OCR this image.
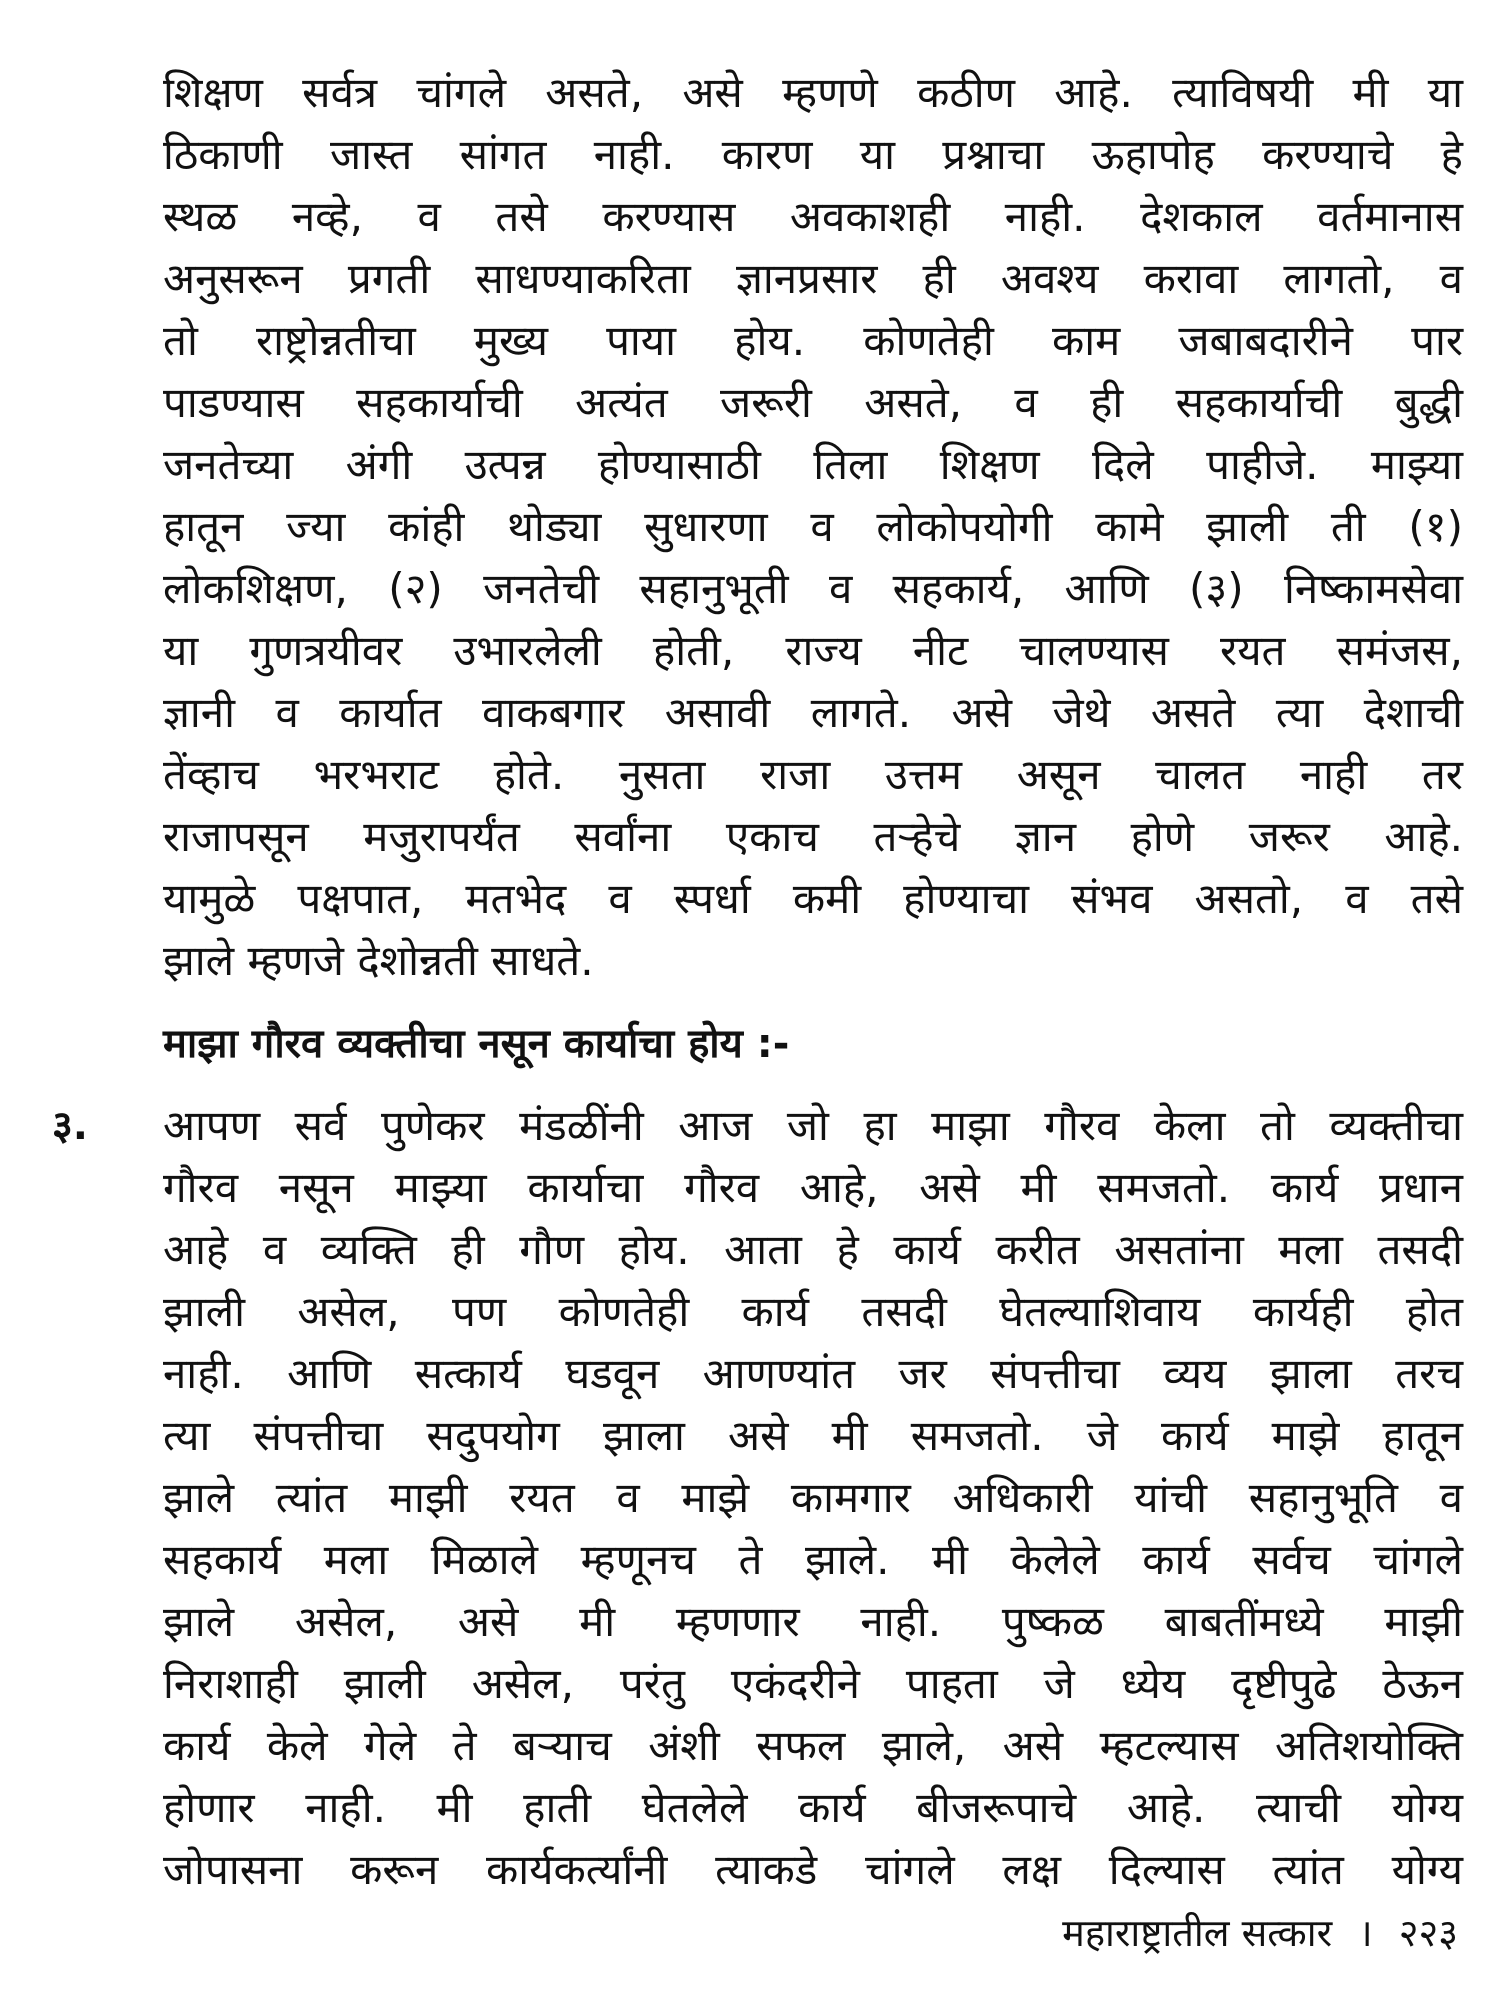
शिक्षण सर्वत्र चांगले असते, असे म्हणणे कठीण आहे. त्याविषयी मी या
ठिकाणी जास्त सांगत नाही. कारण या प्रश्नाचा ऊहापोह करण्याचे हे
स्थळ नव्हे, व तसे करण्यास अवकाशही नाही. देशकाल वर्तमानास
अनुसरून प्रगती साधण्याकरिता ज्ञानप्रसार ही अवश्य करावा लागतो, व
तो राष्ट्रोन्नतीचा मुख्य पाया होय. कोणतेही काम जबाबदारीने पार
पाडण्यास सहकार्याची अत्यंत जरूरी असते, व ही सहकार्याची बुद्धी
जनतेच्या अंगी उत्पन्न होण्यासाठी तिला शिक्षण दिले पाहीजे. माझ्या
हातून ज्या कांही थोड्या सुधारणा व लोकोपयोगी कामे झाली ती (१)
लोकशिक्षण, (२) जनतेची सहानुभूती व सहकार्य, आणि (३) निष्कामसेवा
या गुणत्रयीवर उभारलेली होती, राज्य नीट चालण्यास रयत समंजस,
ज्ञानी व कार्यात वाकबगार असावी लागते. असे जेथे असते त्या देशाची
तेंव्हाच भरभराट होते. नुसता राजा उत्तम असून चालत नाही तर
राजापसून मजुरापर्यंत सर्वांना एकाच तऱ्हेचे ज्ञान होणे जरूर आहे.
यामुळे पक्षपात, मतभेद व स्पर्धा कमी होण्याचा संभव असतो, व तसे
झाले म्हणजे देशोन्नती साधते.
माझा गौरव व्यक्तीचा नसून कार्याचा होय :-
३. आपण सर्व पुणेकर मंडळींनी आज जो हा माझा गौरव केला तो व्यक्तीचा
गौरव नसून माझ्या कार्याचा गौरव आहे, असे मी समजतो. कार्य प्रधान
आहे व व्यक्ति ही गौण होय. आता हे कार्य करीत असतांना मला तसदी
झाली असेल, पण कोणतेही कार्य तसदी घेतल्याशिवाय कार्यही होत
नाही. आणि सत्कार्य घडवून आणण्यांत जर संपत्तीचा व्यय झाला तरच
त्या संपत्तीचा सदुपयोग झाला असे मी समजतो. जे कार्य माझे हातून
झाले त्यांत माझी रयत व माझे कामगार अधिकारी यांची सहानुभूति व
सहकार्य मला मिळाले म्हणूनच ते झाले. मी केलेले कार्य सर्वच चांगले
झाले असेल, असे मी म्हणणार नाही. पुष्कळ बाबतींमध्ये माझी
निराशाही झाली असेल, परंतु एकंदरीने पाहता जे ध्येय दृष्टीपुढे ठेऊन
कार्य केले गेले ते बऱ्याच अंशी सफल झाले, असे म्हटल्यास अतिशयोक्ति
होणार नाही. मी हाती घेतलेले कार्य बीजरूपाचे आहे. त्याची योग्य
जोपासना करून कार्यकर्त्यांनी त्याकडे चांगले लक्ष दिल्यास त्यांत योग्य
महाराष्ट्रातील सत्कार । २२३
